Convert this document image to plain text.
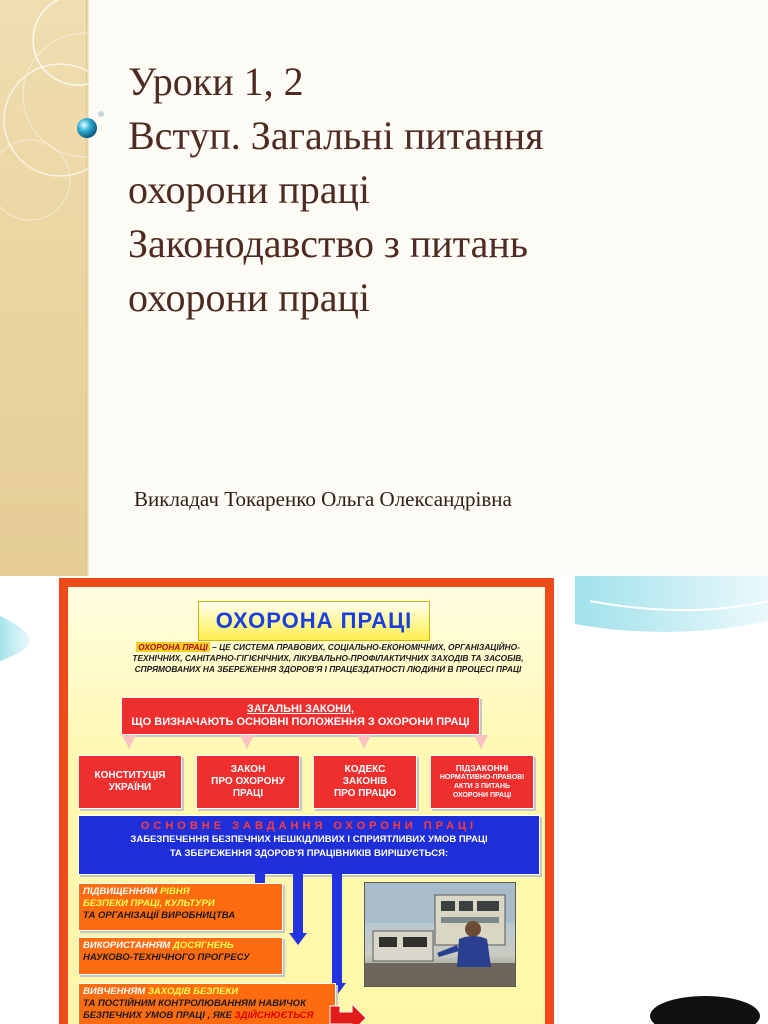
Уроки 1, 2
Вступ. Загальні питання
охорони праці
Законодавство з питань
охорони праці

Викладач Токаренко Ольга Олександрівна

ОХОРОНА ПРАЦІ
ОХОРОНА ПРАЦІ – ЦЕ СИСТЕМА ПРАВОВИХ, СОЦІАЛЬНО-ЕКОНОМІЧНИХ, ОРГАНІЗАЦІЙНО-ТЕХНІЧНИХ, САНІТАРНО-ГІГІЄНІЧНИХ, ЛІКУВАЛЬНО-ПРОФІЛАКТИЧНИХ ЗАХОДІВ ТА ЗАСОБІВ, СПРЯМОВАНИХ НА ЗБЕРЕЖЕННЯ ЗДОРОВ'Я І ПРАЦЕЗДАТНОСТІ ЛЮДИНИ В ПРОЦЕСІ ПРАЦІ
ЗАГАЛЬНІ ЗАКОНИ,
ЩО ВИЗНАЧАЮТЬ ОСНОВНІ ПОЛОЖЕННЯ З ОХОРОНИ ПРАЦІ
КОНСТИТУЦІЯ
УКРАЇНИ
ЗАКОН
ПРО ОХОРОНУ
ПРАЦІ
КОДЕКС
ЗАКОНІВ
ПРО ПРАЦЮ
ПІДЗАКОННІ
НОРМАТИВНО-ПРАВОВІ
АКТИ З ПИТАНЬ
ОХОРОНИ ПРАЦІ
ОСНОВНЕ ЗАВДАННЯ ОХОРОНИ ПРАЦІ
ЗАБЕЗПЕЧЕННЯ БЕЗПЕЧНИХ НЕШКІДЛИВИХ І СПРИЯТЛИВИХ УМОВ ПРАЦІ
ТА ЗБЕРЕЖЕННЯ ЗДОРОВ'Я ПРАЦІВНИКІВ ВИРІШУЄТЬСЯ:
ПІДВИЩЕННЯМ РІВНЯ
БЕЗПЕКИ ПРАЦІ, КУЛЬТУРИ
ТА ОРГАНІЗАЦІЇ ВИРОБНИЦТВА
ВИКОРИСТАННЯМ ДОСЯГНЕНЬ
НАУКОВО-ТЕХНІЧНОГО ПРОГРЕСУ
ВИВЧЕННЯМ ЗАХОДІВ БЕЗПЕКИ
ТА ПОСТІЙНИМ КОНТРОЛЮВАННЯМ НАВИЧОК
БЕЗПЕЧНИХ УМОВ ПРАЦІ , ЯКЕ ЗДІЙСНЮЄТЬСЯ
